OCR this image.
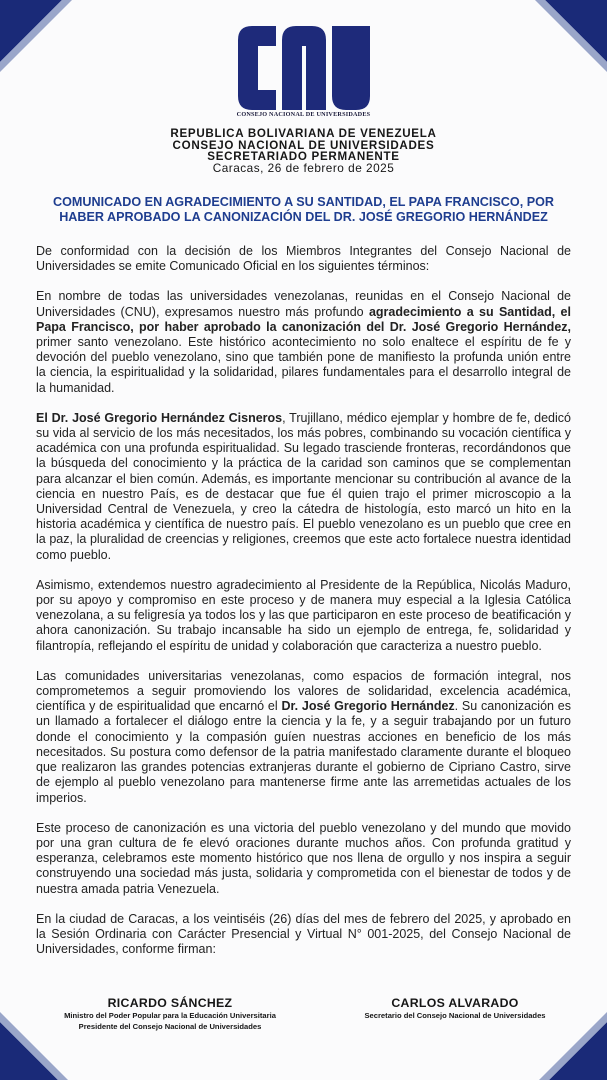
CONSEJO NACIONAL DE UNIVERSIDADES
REPUBLICA BOLIVARIANA DE VENEZUELA
CONSEJO NACIONAL DE UNIVERSIDADES
SECRETARIADO PERMANENTE
Caracas, 26 de febrero de 2025
COMUNICADO EN AGRADECIMIENTO A SU SANTIDAD, EL PAPA FRANCISCO, POR HABER APROBADO LA CANONIZACIÓN DEL DR. JOSÉ GREGORIO HERNÁNDEZ

De conformidad con la decisión de los Miembros Integrantes del Consejo Nacional de Universidades se emite Comunicado Oficial en los siguientes términos:

En nombre de todas las universidades venezolanas, reunidas en el Consejo Nacional de Universidades (CNU), expresamos nuestro más profundo agradecimiento a su Santidad, el Papa Francisco, por haber aprobado la canonización del Dr. José Gregorio Hernández, primer santo venezolano. Este histórico acontecimiento no solo enaltece el espíritu de fe y devoción del pueblo venezolano, sino que también pone de manifiesto la profunda unión entre la ciencia, la espiritualidad y la solidaridad, pilares fundamentales para el desarrollo integral de la humanidad.

El Dr. José Gregorio Hernández Cisneros, Trujillano, médico ejemplar y hombre de fe, dedicó su vida al servicio de los más necesitados, los más pobres, combinando su vocación científica y académica con una profunda espiritualidad. Su legado trasciende fronteras, recordándonos que la búsqueda del conocimiento y la práctica de la caridad son caminos que se complementan para alcanzar el bien común. Además, es importante mencionar su contribución al avance de la ciencia en nuestro País, es de destacar que fue él quien trajo el primer microscopio a la Universidad Central de Venezuela, y creo la cátedra de histología, esto marcó un hito en la historia académica y científica de nuestro país. El pueblo venezolano es un pueblo que cree en la paz, la pluralidad de creencias y religiones, creemos que este acto fortalece nuestra identidad como pueblo.

Asimismo, extendemos nuestro agradecimiento al Presidente de la República, Nicolás Maduro, por su apoyo y compromiso en este proceso y de manera muy especial a la Iglesia Católica venezolana, a su feligresía ya todos los y las que participaron en este proceso de beatificación y ahora canonización. Su trabajo incansable ha sido un ejemplo de entrega, fe, solidaridad y filantropía, reflejando el espíritu de unidad y colaboración que caracteriza a nuestro pueblo.

Las comunidades universitarias venezolanas, como espacios de formación integral, nos comprometemos a seguir promoviendo los valores de solidaridad, excelencia académica, científica y de espiritualidad que encarnó el Dr. José Gregorio Hernández. Su canonización es un llamado a fortalecer el diálogo entre la ciencia y la fe, y a seguir trabajando por un futuro donde el conocimiento y la compasión guíen nuestras acciones en beneficio de los más necesitados. Su postura como defensor de la patria manifestado claramente durante el bloqueo que realizaron las grandes potencias extranjeras durante el gobierno de Cipriano Castro, sirve de ejemplo al pueblo venezolano para mantenerse firme ante las arremetidas actuales de los imperios.

Este proceso de canonización es una victoria del pueblo venezolano y del mundo que movido por una gran cultura de fe elevó oraciones durante muchos años. Con profunda gratitud y esperanza, celebramos este momento histórico que nos llena de orgullo y nos inspira a seguir construyendo una sociedad más justa, solidaria y comprometida con el bienestar de todos y de nuestra amada patria Venezuela.

En la ciudad de Caracas, a los veintiséis (26) días del mes de febrero del 2025, y aprobado en la Sesión Ordinaria con Carácter Presencial y Virtual N° 001-2025, del Consejo Nacional de Universidades, conforme firman:

RICARDO SÁNCHEZ
Ministro del Poder Popular para la Educación Universitaria
Presidente del Consejo Nacional de Universidades
CARLOS ALVARADO
Secretario del Consejo Nacional de Universidades
